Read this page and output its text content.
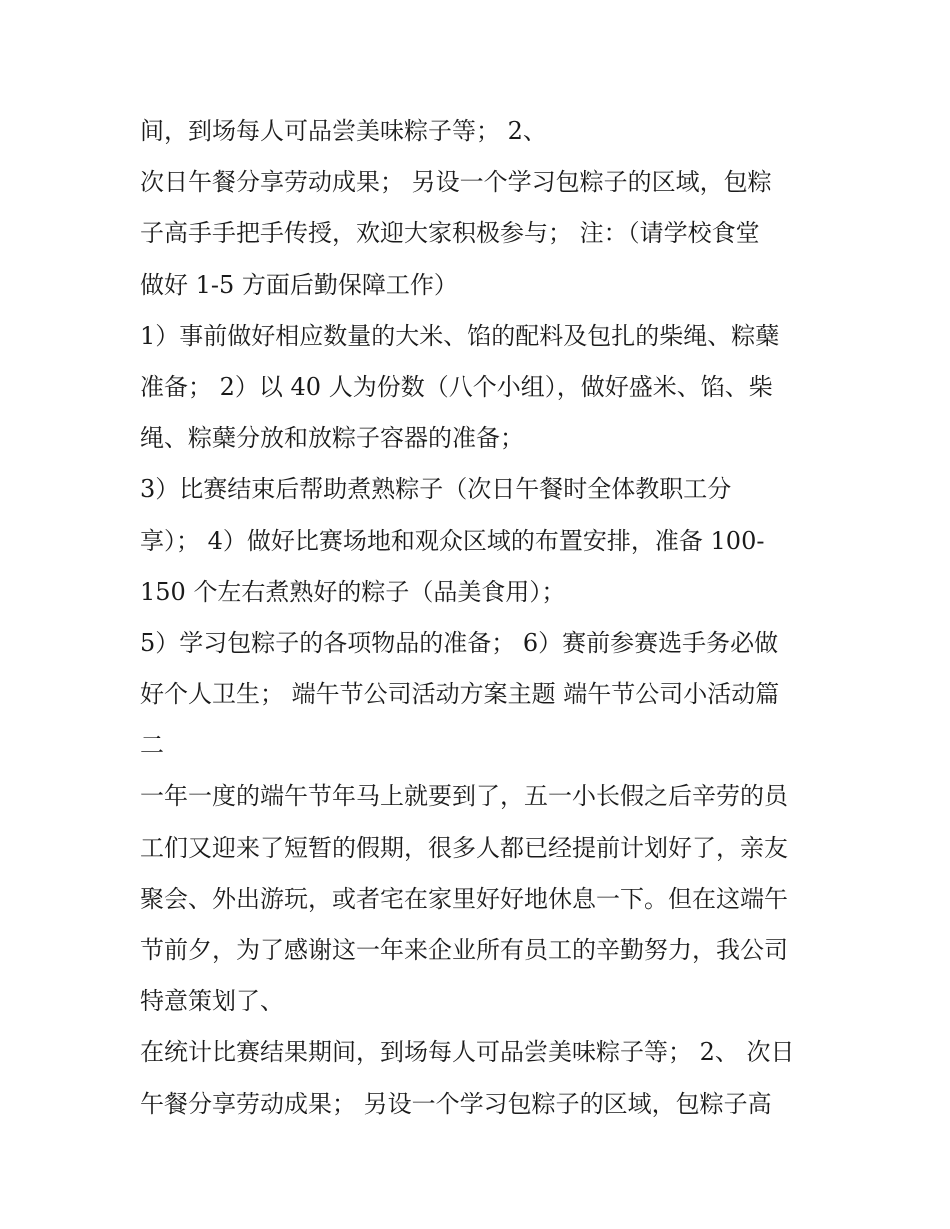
间，到场每人可品尝美味粽子等； 2、
次日午餐分享劳动成果； 另设一个学习包粽子的区域，包粽
子高手手把手传授，欢迎大家积极参与； 注：（请学校食堂
做好 1-5 方面后勤保障工作）
1）事前做好相应数量的大米、馅的配料及包扎的柴绳、粽蘖
准备； 2）以 40 人为份数（八个小组），做好盛米、馅、柴
绳、粽蘖分放和放粽子容器的准备；
3）比赛结束后帮助煮熟粽子（次日午餐时全体教职工分
享）； 4）做好比赛场地和观众区域的布置安排，准备 100-
150 个左右煮熟好的粽子（品美食用）；
5）学习包粽子的各项物品的准备； 6）赛前参赛选手务必做
好个人卫生； 端午节公司活动方案主题 端午节公司小活动篇
二
一年一度的端午节年马上就要到了，五一小长假之后辛劳的员
工们又迎来了短暂的假期，很多人都已经提前计划好了，亲友
聚会、外出游玩，或者宅在家里好好地休息一下。但在这端午
节前夕，为了感谢这一年来企业所有员工的辛勤努力，我公司
特意策划了、
在统计比赛结果期间，到场每人可品尝美味粽子等； 2、 次日
午餐分享劳动成果； 另设一个学习包粽子的区域，包粽子高
